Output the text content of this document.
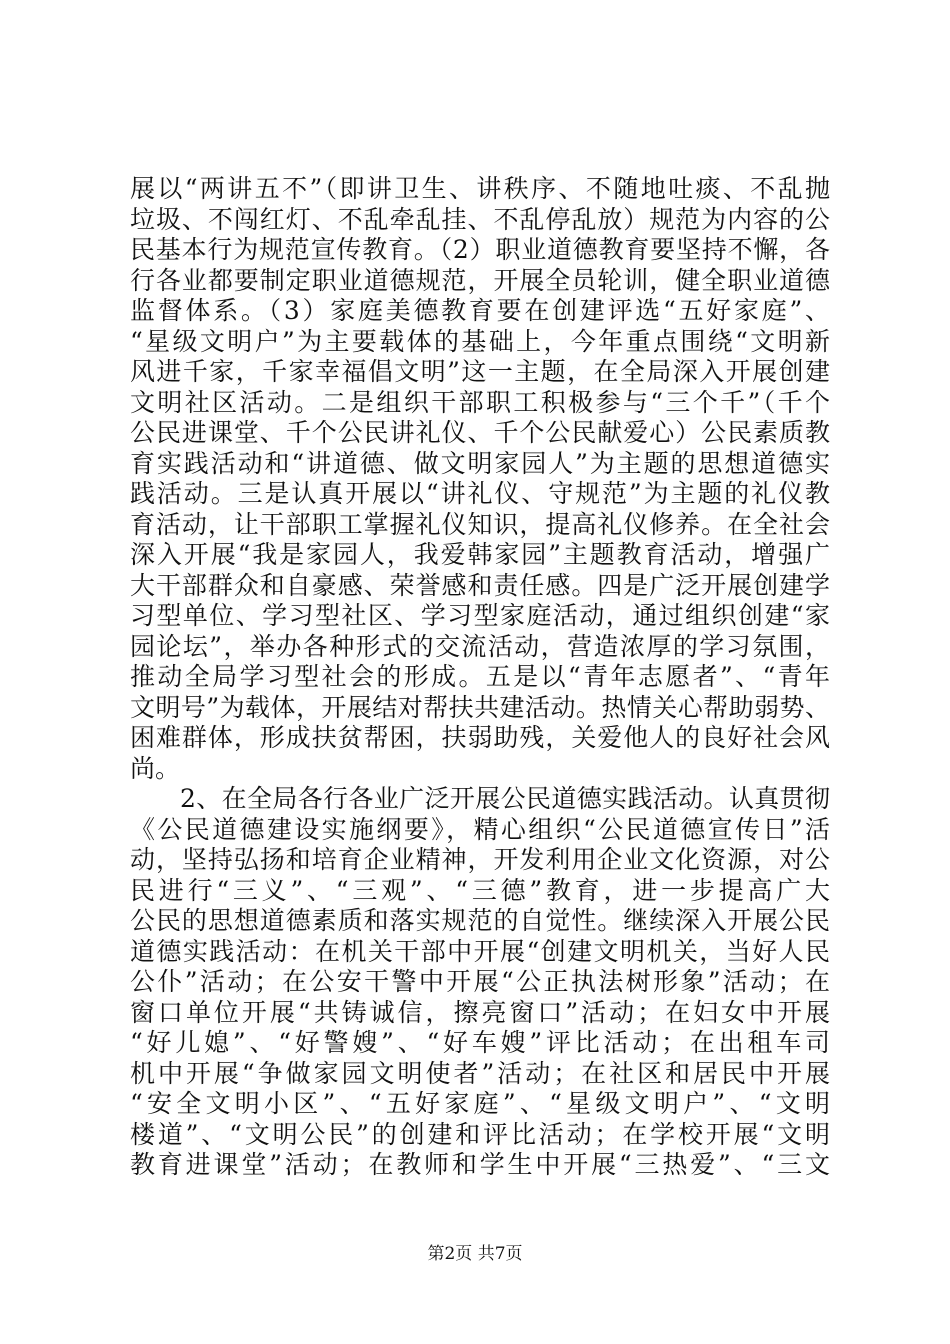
展以“两讲五不”（即讲卫生、讲秩序、不随地吐痰、不乱抛
垃圾、不闯红灯、不乱牵乱挂、不乱停乱放）规范为内容的公
民基本行为规范宣传教育。（2）职业道德教育要坚持不懈，各
行各业都要制定职业道德规范，开展全员轮训，健全职业道德
监督体系。（3）家庭美德教育要在创建评选“五好家庭”、
“星级文明户”为主要载体的基础上，今年重点围绕“文明新
风进千家，千家幸福倡文明”这一主题，在全局深入开展创建
文明社区活动。二是组织干部职工积极参与“三个千”（千个
公民进课堂、千个公民讲礼仪、千个公民献爱心）公民素质教
育实践活动和“讲道德、做文明家园人”为主题的思想道德实
践活动。三是认真开展以“讲礼仪、守规范”为主题的礼仪教
育活动，让干部职工掌握礼仪知识，提高礼仪修养。在全社会
深入开展“我是家园人，我爱韩家园”主题教育活动，增强广
大干部群众和自豪感、荣誉感和责任感。四是广泛开展创建学
习型单位、学习型社区、学习型家庭活动，通过组织创建“家
园论坛”，举办各种形式的交流活动，营造浓厚的学习氛围，
推动全局学习型社会的形成。五是以“青年志愿者”、“青年
文明号”为载体，开展结对帮扶共建活动。热情关心帮助弱势、
困难群体，形成扶贫帮困，扶弱助残，关爱他人的良好社会风
尚。
2、在全局各行各业广泛开展公民道德实践活动。认真贯彻
《公民道德建设实施纲要》，精心组织“公民道德宣传日”活
动，坚持弘扬和培育企业精神，开发利用企业文化资源，对公
民进行“三义”、“三观”、“三德”教育，进一步提高广大
公民的思想道德素质和落实规范的自觉性。继续深入开展公民
道德实践活动：在机关干部中开展“创建文明机关，当好人民
公仆”活动；在公安干警中开展“公正执法树形象”活动；在
窗口单位开展“共铸诚信，擦亮窗口”活动；在妇女中开展
“好儿媳”、“好警嫂”、“好车嫂”评比活动；在出租车司
机中开展“争做家园文明使者”活动；在社区和居民中开展
“安全文明小区”、“五好家庭”、“星级文明户”、“文明
楼道”、“文明公民”的创建和评比活动；在学校开展“文明
教育进课堂”活动；在教师和学生中开展“三热爱”、“三文
第2页 共7页
